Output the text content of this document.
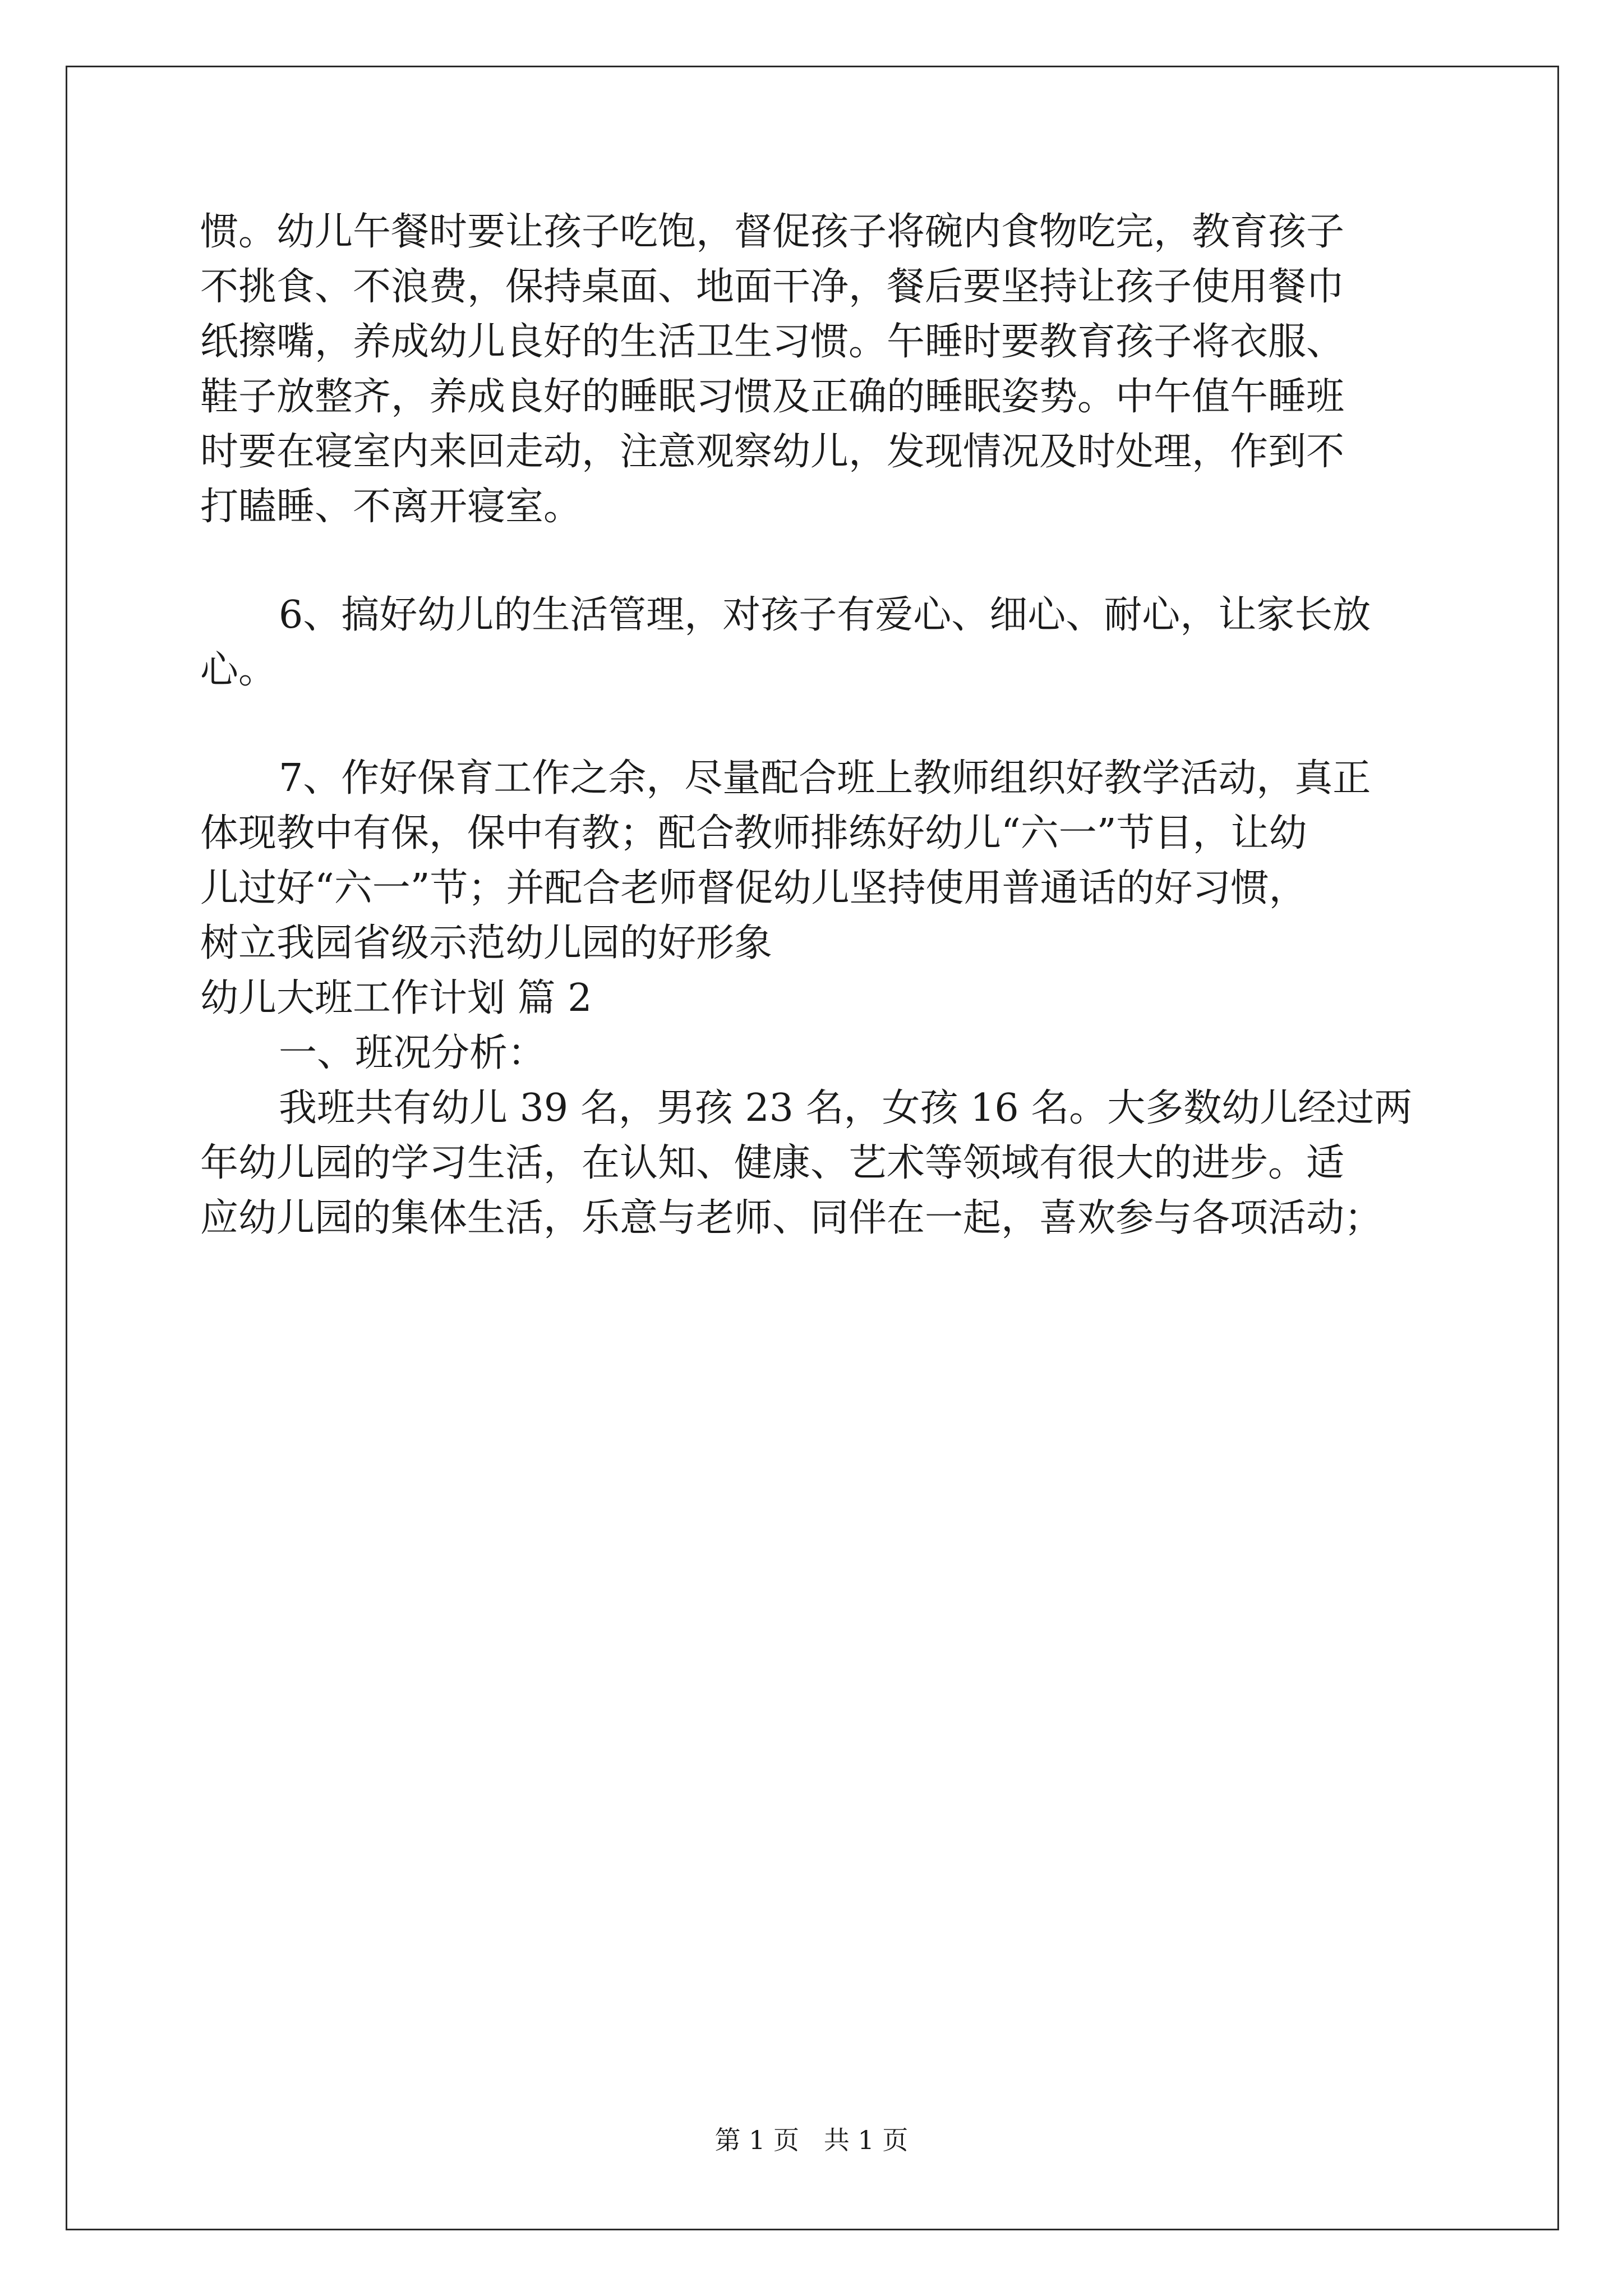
惯。幼儿午餐时要让孩子吃饱，督促孩子将碗内食物吃完，教育孩子

不挑食、不浪费，保持桌面、地面干净，餐后要坚持让孩子使用餐巾

纸擦嘴，养成幼儿良好的生活卫生习惯。午睡时要教育孩子将衣服、

鞋子放整齐，养成良好的睡眠习惯及正确的睡眠姿势。中午值午睡班

时要在寝室内来回走动，注意观察幼儿，发现情况及时处理，作到不

打瞌睡、不离开寝室。

6、搞好幼儿的生活管理，对孩子有爱心、细心、耐心，让家长放

心。

7、作好保育工作之余，尽量配合班上教师组织好教学活动，真正

体现教中有保，保中有教；配合教师排练好幼儿“六一”节目，让幼

儿过好“六一”节；并配合老师督促幼儿坚持使用普通话的好习惯，

树立我园省级示范幼儿园的好形象

幼儿大班工作计划 篇 2

一、班况分析：

我班共有幼儿 39 名，男孩 23 名，女孩 16 名。大多数幼儿经过两

年幼儿园的学习生活，在认知、健康、艺术等领域有很大的进步。适

应幼儿园的集体生活，乐意与老师、同伴在一起，喜欢参与各项活动；

第 1 页   共 1 页
